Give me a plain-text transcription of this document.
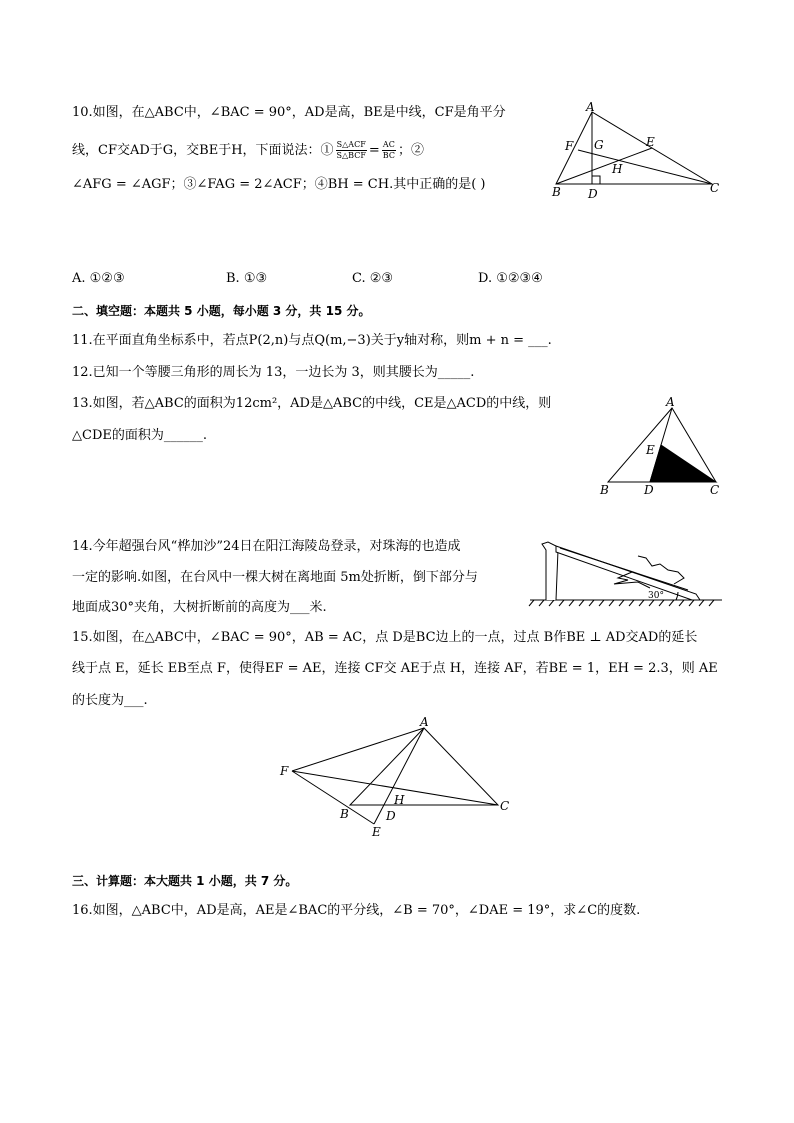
10.如图，在△ABC中，∠BAC = 90°，AD是高，BE是中线，CF是角平分
线，CF交AD于G，交BE于H，下面说法：① $\frac{\text{S△ACF}}{\text{S△BCF}} = \frac{AC}{BC}$ ；②
∠AFG = ∠AGF；③∠FAG = 2∠ACF；④BH = CH.其中正确的是( )
A
B	C
D
E
F G
H
A. ①②③	B. ①③	C. ②③	D. ①②③④
二、填空题：本题共 5 小题，每小题 3 分，共 15 分。
11.在平面直角坐标系中，若点P(2,n)与点Q(m,−3)关于y轴对称，则m + n = ___.
12.已知一个等腰三角形的周长为 13，一边长为 3，则其腰长为_____.
13.如图，若△ABC的面积为12cm²，AD是△ABC的中线，CE是△ACD的中线，则
△CDE的面积为______.
A
B	C
D
E
14.今年超强台风“桦加沙”24日在阳江海陵岛登录，对珠海的也造成
一定的影响.如图，在台风中一棵大树在离地面 5m处折断，倒下部分与
地面成30°夹角，大树折断前的高度为___米.
30°
15.如图，在△ABC中，∠BAC = 90°，AB = AC，点 D是BC边上的一点，过点 B作BE ⊥ AD交AD的延长
线于点 E，延长 EB至点 F，使得EF = AE，连接 CF交 AE于点 H，连接 AF，若BE = 1，EH = 2.3，则 AE
的长度为___.
A
B
C
D
E
F
H
三、计算题：本大题共 1 小题，共 7 分。
16.如图，△ABC中，AD是高，AE是∠BAC的平分线，∠B = 70°，∠DAE = 19°，求∠C的度数.
